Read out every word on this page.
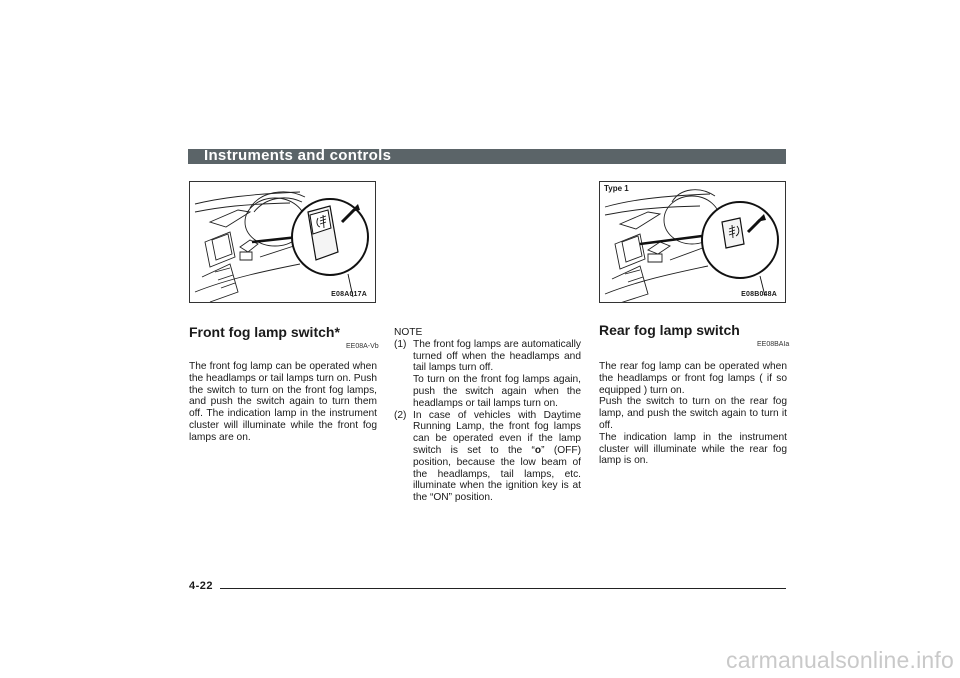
Instruments and controls
E08A017A
Front fog lamp switch*
EE08A-Vb

The front fog lamp can be operated when the headlamps or tail lamps turn on. Push the switch to turn on the front fog lamps, and push the switch again to turn them off. The indication lamp in the instrument cluster will illuminate while the front fog lamps are on.

NOTE
(1) The front fog lamps are automatically turned off when the headlamps and tail lamps turn off.
To turn on the front fog lamps again, push the switch again when the headlamps or tail lamps turn on.
(2) In case of vehicles with Daytime Running Lamp, the front fog lamps can be operated even if the lamp switch is set to the “o” (OFF) position, because the low beam of the headlamps, tail lamps, etc. illuminate when the ignition key is at the “ON” position.
Type 1
E08B048A
Rear fog lamp switch
EE08BAIa
The rear fog lamp can be operated when the headlamps or front fog lamps ( if so equipped ) turn on.
Push the switch to turn on the rear fog lamp, and push the switch again to turn it off.
The indication lamp in the instrument cluster will illuminate while the rear fog lamp is on.
4-22
carmanualsonline.info
